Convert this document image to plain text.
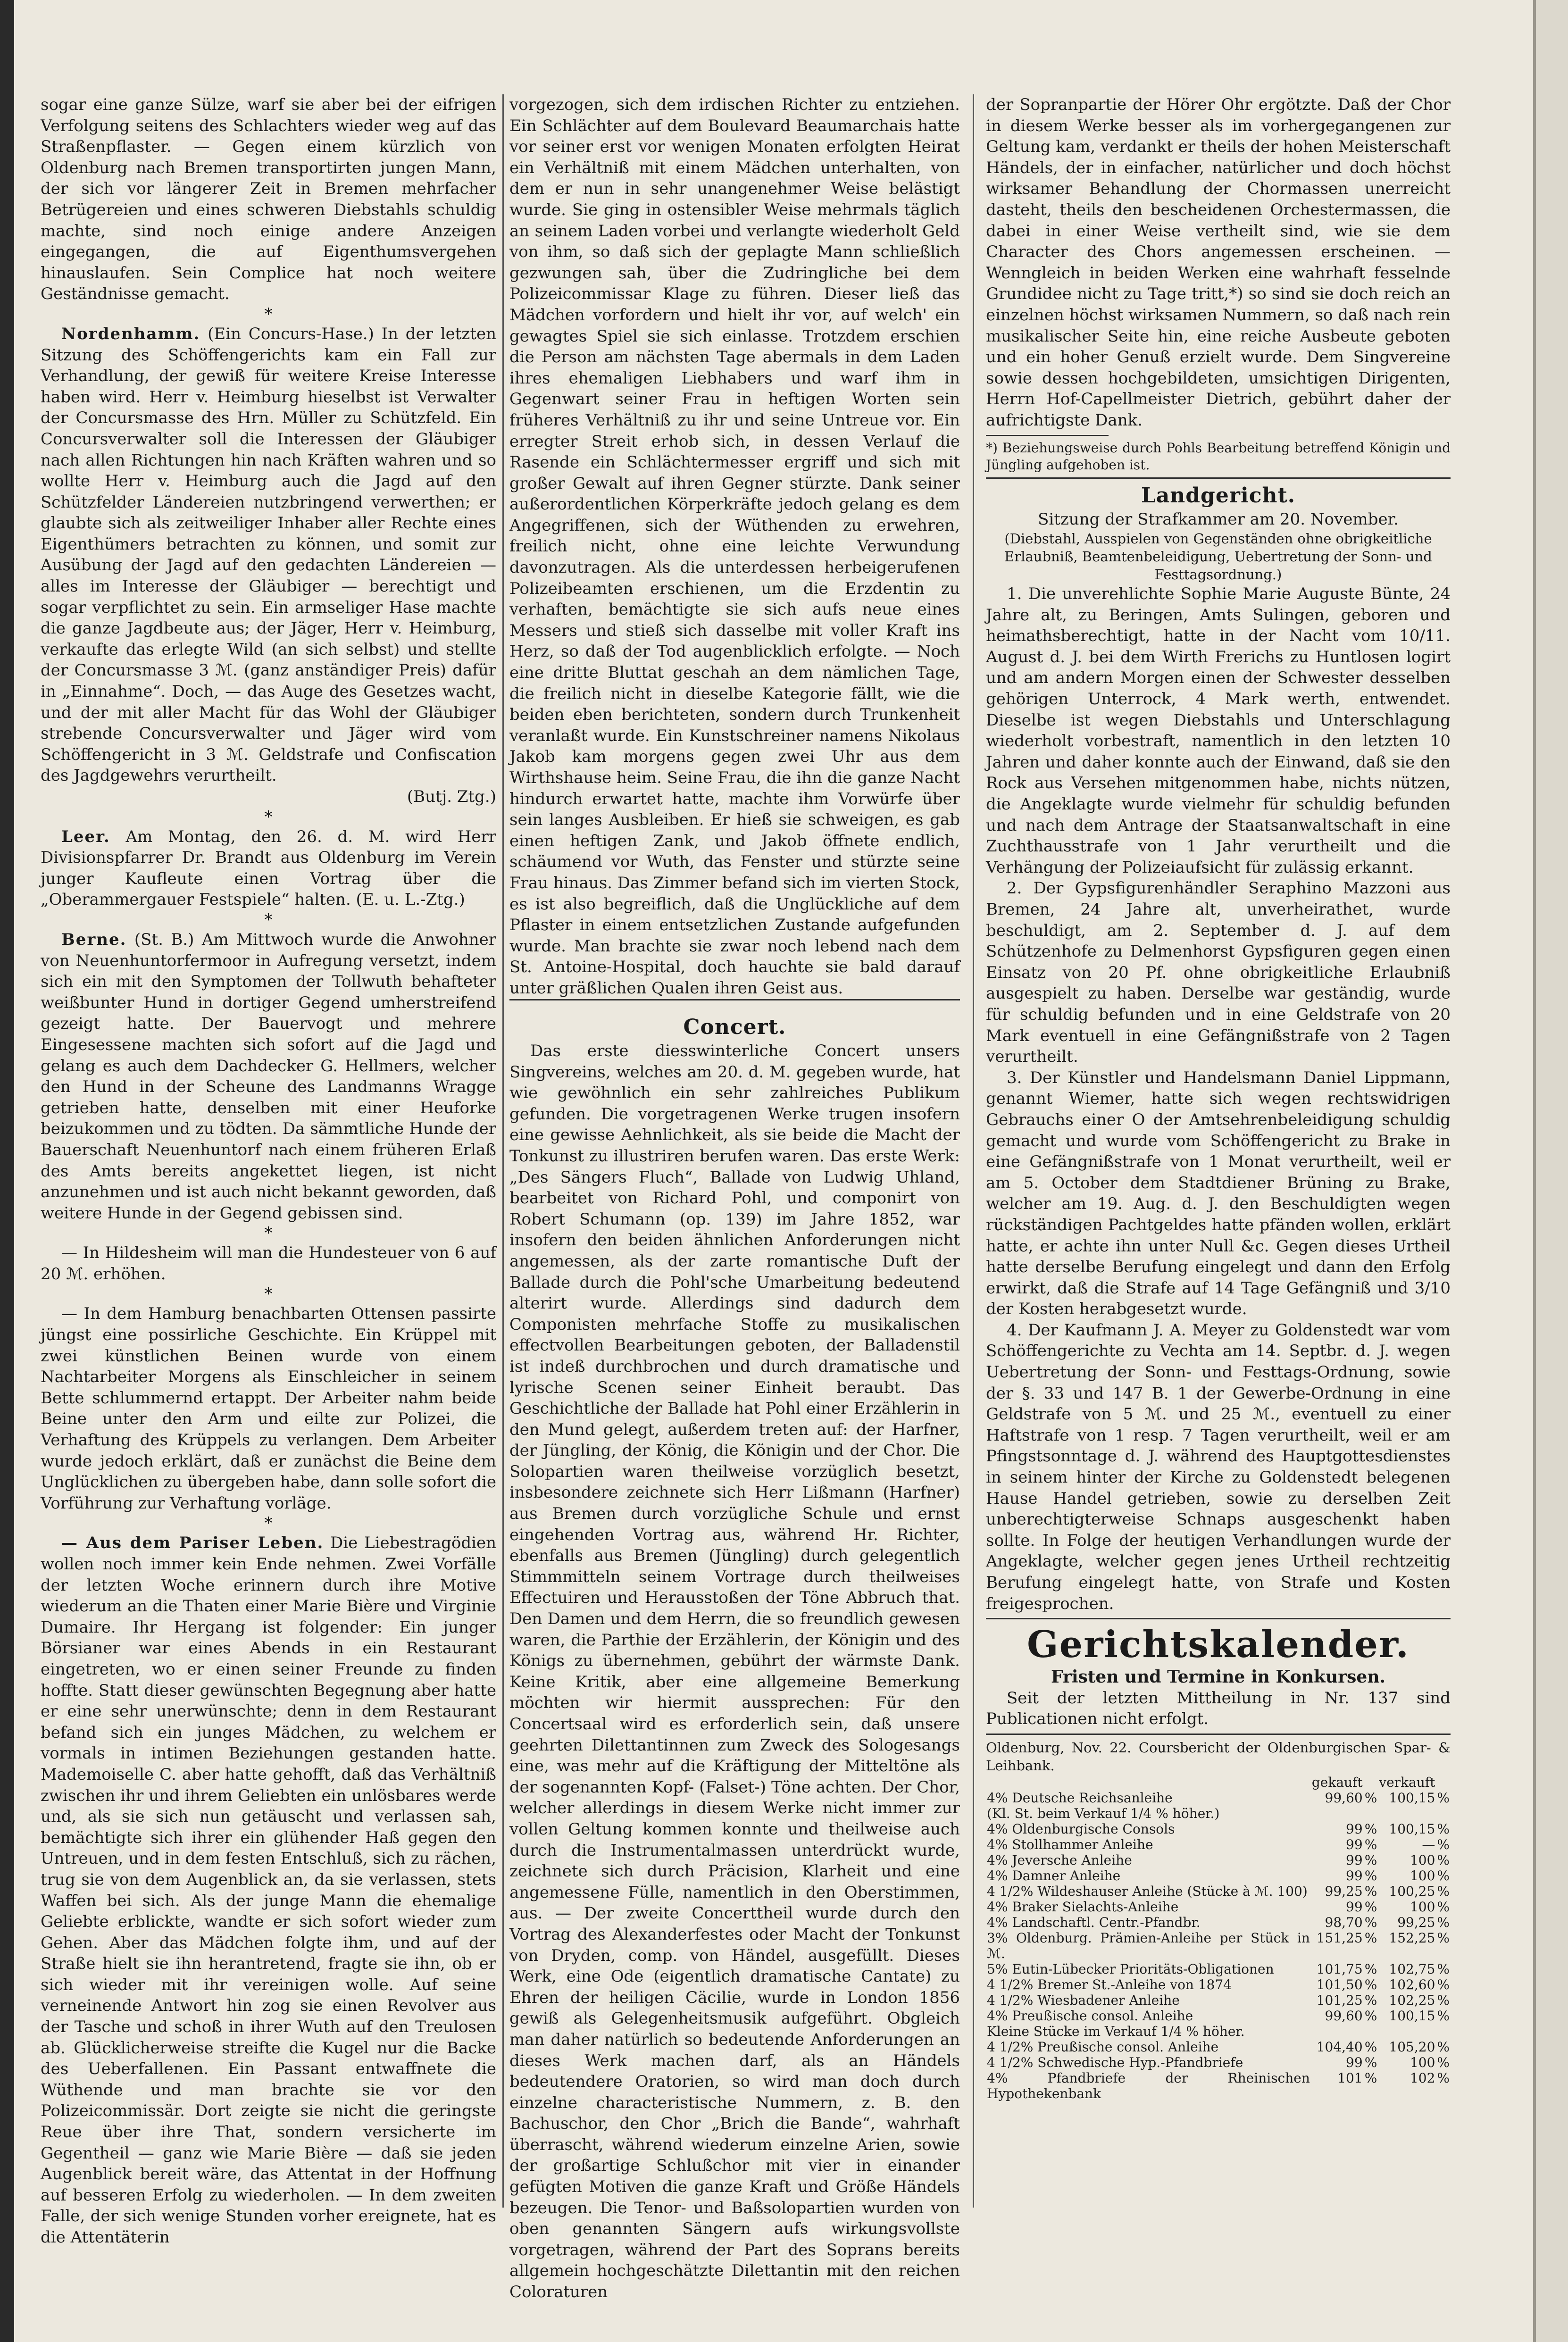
sogar eine ganze Sülze, warf sie aber bei der eifrigen Verfolgung seitens des Schlachters wieder weg auf das Straßenpflaster. — Gegen einem kürzlich von Oldenburg nach Bremen transportirten jungen Mann, der sich vor längerer Zeit in Bremen mehrfacher Betrügereien und eines schweren Diebstahls schuldig machte, sind noch einige andere Anzeigen eingegangen, die auf Eigenthumsvergehen hinauslaufen. Sein Complice hat noch weitere Geständnisse gemacht.

*

Nordenhamm. (Ein Concurs-Hase.) In der letzten Sitzung des Schöffengerichts kam ein Fall zur Verhandlung, der gewiß für weitere Kreise Interesse haben wird. Herr v. Heimburg hieselbst ist Verwalter der Concursmasse des Hrn. Müller zu Schützfeld. Ein Concursverwalter soll die Interessen der Gläubiger nach allen Richtungen hin nach Kräften wahren und so wollte Herr v. Heimburg auch die Jagd auf den Schützfelder Ländereien nutzbringend verwerthen; er glaubte sich als zeitweiliger Inhaber aller Rechte eines Eigenthümers betrachten zu können, und somit zur Ausübung der Jagd auf den gedachten Ländereien — alles im Interesse der Gläubiger — berechtigt und sogar verpflichtet zu sein. Ein armseliger Hase machte die ganze Jagdbeute aus; der Jäger, Herr v. Heimburg, verkaufte das erlegte Wild (an sich selbst) und stellte der Concursmasse 3 ℳ. (ganz anständiger Preis) dafür in „Einnahme“. Doch, — das Auge des Gesetzes wacht, und der mit aller Macht für das Wohl der Gläubiger strebende Concursverwalter und Jäger wird vom Schöffengericht in 3 ℳ. Geldstrafe und Confiscation des Jagdgewehrs verurtheilt.

(Butj. Ztg.)

*

Leer. Am Montag, den 26. d. M. wird Herr Divisionspfarrer Dr. Brandt aus Oldenburg im Verein junger Kaufleute einen Vortrag über die „Oberammergauer Festspiele“ halten. (E. u. L.-Ztg.)

*

Berne. (St. B.) Am Mittwoch wurde die Anwohner von Neuenhuntorfermoor in Aufregung versetzt, indem sich ein mit den Symptomen der Tollwuth behafteter weißbunter Hund in dortiger Gegend umherstreifend gezeigt hatte. Der Bauervogt und mehrere Eingesessene machten sich sofort auf die Jagd und gelang es auch dem Dachdecker G. Hellmers, welcher den Hund in der Scheune des Landmanns Wragge getrieben hatte, denselben mit einer Heuforke beizukommen und zu tödten. Da sämmtliche Hunde der Bauerschaft Neuenhuntorf nach einem früheren Erlaß des Amts bereits angekettet liegen, ist nicht anzunehmen und ist auch nicht bekannt geworden, daß weitere Hunde in der Gegend gebissen sind.

*

— In Hildesheim will man die Hundesteuer von 6 auf 20 ℳ. erhöhen.

*

— In dem Hamburg benachbarten Ottensen passirte jüngst eine possirliche Geschichte. Ein Krüppel mit zwei künstlichen Beinen wurde von einem Nachtarbeiter Morgens als Einschleicher in seinem Bette schlummernd ertappt. Der Arbeiter nahm beide Beine unter den Arm und eilte zur Polizei, die Verhaftung des Krüppels zu verlangen. Dem Arbeiter wurde jedoch erklärt, daß er zunächst die Beine dem Unglücklichen zu übergeben habe, dann solle sofort die Vorführung zur Verhaftung vorläge.

*

— Aus dem Pariser Leben. Die Liebestragödien wollen noch immer kein Ende nehmen. Zwei Vorfälle der letzten Woche erinnern durch ihre Motive wiederum an die Thaten einer Marie Bière und Virginie Dumaire. Ihr Hergang ist folgender: Ein junger Börsianer war eines Abends in ein Restaurant eingetreten, wo er einen seiner Freunde zu finden hoffte. Statt dieser gewünschten Begegnung aber hatte er eine sehr unerwünschte; denn in dem Restaurant befand sich ein junges Mädchen, zu welchem er vormals in intimen Beziehungen gestanden hatte. Mademoiselle C. aber hatte gehofft, daß das Verhältniß zwischen ihr und ihrem Geliebten ein unlösbares werde und, als sie sich nun getäuscht und verlassen sah, bemächtigte sich ihrer ein glühender Haß gegen den Untreuen, und in dem festen Entschluß, sich zu rächen, trug sie von dem Augenblick an, da sie verlassen, stets Waffen bei sich. Als der junge Mann die ehemalige Geliebte erblickte, wandte er sich sofort wieder zum Gehen. Aber das Mädchen folgte ihm, und auf der Straße hielt sie ihn herantretend, fragte sie ihn, ob er sich wieder mit ihr vereinigen wolle. Auf seine verneinende Antwort hin zog sie einen Revolver aus der Tasche und schoß in ihrer Wuth auf den Treulosen ab. Glücklicherweise streifte die Kugel nur die Backe des Ueberfallenen. Ein Passant entwaffnete die Wüthende und man brachte sie vor den Polizeicommissär. Dort zeigte sie nicht die geringste Reue über ihre That, sondern versicherte im Gegentheil — ganz wie Marie Bière — daß sie jeden Augenblick bereit wäre, das Attentat in der Hoffnung auf besseren Erfolg zu wiederholen. — In dem zweiten Falle, der sich wenige Stunden vorher ereignete, hat es die Attentäterin

vorgezogen, sich dem irdischen Richter zu entziehen. Ein Schlächter auf dem Boulevard Beaumarchais hatte vor seiner erst vor wenigen Monaten erfolgten Heirat ein Verhältniß mit einem Mädchen unterhalten, von dem er nun in sehr unangenehmer Weise belästigt wurde. Sie ging in ostensibler Weise mehrmals täglich an seinem Laden vorbei und verlangte wiederholt Geld von ihm, so daß sich der geplagte Mann schließlich gezwungen sah, über die Zudringliche bei dem Polizeicommissar Klage zu führen. Dieser ließ das Mädchen vorfordern und hielt ihr vor, auf welch' ein gewagtes Spiel sie sich einlasse. Trotzdem erschien die Person am nächsten Tage abermals in dem Laden ihres ehemaligen Liebhabers und warf ihm in Gegenwart seiner Frau in heftigen Worten sein früheres Verhältniß zu ihr und seine Untreue vor. Ein erregter Streit erhob sich, in dessen Verlauf die Rasende ein Schlächtermesser ergriff und sich mit großer Gewalt auf ihren Gegner stürzte. Dank seiner außerordentlichen Körperkräfte jedoch gelang es dem Angegriffenen, sich der Wüthenden zu erwehren, freilich nicht, ohne eine leichte Verwundung davonzutragen. Als die unterdessen herbeigerufenen Polizeibeamten erschienen, um die Erzdentin zu verhaften, bemächtigte sie sich aufs neue eines Messers und stieß sich dasselbe mit voller Kraft ins Herz, so daß der Tod augenblicklich erfolgte. — Noch eine dritte Bluttat geschah an dem nämlichen Tage, die freilich nicht in dieselbe Kategorie fällt, wie die beiden eben berichteten, sondern durch Trunkenheit veranlaßt wurde. Ein Kunstschreiner namens Nikolaus Jakob kam morgens gegen zwei Uhr aus dem Wirthshause heim. Seine Frau, die ihn die ganze Nacht hindurch erwartet hatte, machte ihm Vorwürfe über sein langes Ausbleiben. Er hieß sie schweigen, es gab einen heftigen Zank, und Jakob öffnete endlich, schäumend vor Wuth, das Fenster und stürzte seine Frau hinaus. Das Zimmer befand sich im vierten Stock, es ist also begreiflich, daß die Unglückliche auf dem Pflaster in einem entsetzlichen Zustande aufgefunden wurde. Man brachte sie zwar noch lebend nach dem St. Antoine-Hospital, doch hauchte sie bald darauf unter gräßlichen Qualen ihren Geist aus.

Concert.

Das erste diesswinterliche Concert unsers Singvereins, welches am 20. d. M. gegeben wurde, hat wie gewöhnlich ein sehr zahlreiches Publikum gefunden. Die vorgetragenen Werke trugen insofern eine gewisse Aehnlichkeit, als sie beide die Macht der Tonkunst zu illustriren berufen waren. Das erste Werk: „Des Sängers Fluch“, Ballade von Ludwig Uhland, bearbeitet von Richard Pohl, und componirt von Robert Schumann (op. 139) im Jahre 1852, war insofern den beiden ähnlichen Anforderungen nicht angemessen, als der zarte romantische Duft der Ballade durch die Pohl'sche Umarbeitung bedeutend alterirt wurde. Allerdings sind dadurch dem Componisten mehrfache Stoffe zu musikalischen effectvollen Bearbeitungen geboten, der Balladenstil ist indeß durchbrochen und durch dramatische und lyrische Scenen seiner Einheit beraubt. Das Geschichtliche der Ballade hat Pohl einer Erzählerin in den Mund gelegt, außerdem treten auf: der Harfner, der Jüngling, der König, die Königin und der Chor. Die Solopartien waren theilweise vorzüglich besetzt, insbesondere zeichnete sich Herr Lißmann (Harfner) aus Bremen durch vorzügliche Schule und ernst eingehenden Vortrag aus, während Hr. Richter, ebenfalls aus Bremen (Jüngling) durch gelegentlich Stimmmitteln seinem Vortrage durch theilweises Effectuiren und Herausstoßen der Töne Abbruch that. Den Damen und dem Herrn, die so freundlich gewesen waren, die Parthie der Erzählerin, der Königin und des Königs zu übernehmen, gebührt der wärmste Dank. Keine Kritik, aber eine allgemeine Bemerkung möchten wir hiermit aussprechen: Für den Concertsaal wird es erforderlich sein, daß unsere geehrten Dilettantinnen zum Zweck des Sologesangs eine, was mehr auf die Kräftigung der Mitteltöne als der sogenannten Kopf- (Falset-) Töne achten. Der Chor, welcher allerdings in diesem Werke nicht immer zur vollen Geltung kommen konnte und theilweise auch durch die Instrumentalmassen unterdrückt wurde, zeichnete sich durch Präcision, Klarheit und eine angemessene Fülle, namentlich in den Oberstimmen, aus. — Der zweite Concerttheil wurde durch den Vortrag des Alexanderfestes oder Macht der Tonkunst von Dryden, comp. von Händel, ausgefüllt. Dieses Werk, eine Ode (eigentlich dramatische Cantate) zu Ehren der heiligen Cäcilie, wurde in London 1856 gewiß als Gelegenheitsmusik aufgeführt. Obgleich man daher natürlich so bedeutende Anforderungen an dieses Werk machen darf, als an Händels bedeutendere Oratorien, so wird man doch durch einzelne characteristische Nummern, z. B. den Bachuschor, den Chor „Brich die Bande“, wahrhaft überrascht, während wiederum einzelne Arien, sowie der großartige Schlußchor mit vier in einander gefügten Motiven die ganze Kraft und Größe Händels bezeugen. Die Tenor- und Baßsolopartien wurden von oben genannten Sängern aufs wirkungsvollste vorgetragen, während der Part des Soprans bereits allgemein hochgeschätzte Dilettantin mit den reichen Coloraturen

der Sopranpartie der Hörer Ohr ergötzte. Daß der Chor in diesem Werke besser als im vorhergegangenen zur Geltung kam, verdankt er theils der hohen Meisterschaft Händels, der in einfacher, natürlicher und doch höchst wirksamer Behandlung der Chormassen unerreicht dasteht, theils den bescheidenen Orchestermassen, die dabei in einer Weise vertheilt sind, wie sie dem Character des Chors angemessen erscheinen. — Wenngleich in beiden Werken eine wahrhaft fesselnde Grundidee nicht zu Tage tritt,*) so sind sie doch reich an einzelnen höchst wirksamen Nummern, so daß nach rein musikalischer Seite hin, eine reiche Ausbeute geboten und ein hoher Genuß erzielt wurde. Dem Singvereine sowie dessen hochgebildeten, umsichtigen Dirigenten, Herrn Hof-Capellmeister Dietrich, gebührt daher der aufrichtigste Dank.

*) Beziehungsweise durch Pohls Bearbeitung betreffend Königin und Jüngling aufgehoben ist.

Landgericht.

Sitzung der Strafkammer am 20. November.

(Diebstahl, Ausspielen von Gegenständen ohne obrigkeitliche Erlaubniß, Beamtenbeleidigung, Uebertretung der Sonn- und Festtagsordnung.)

1. Die unverehlichte Sophie Marie Auguste Bünte, 24 Jahre alt, zu Beringen, Amts Sulingen, geboren und heimathsberechtigt, hatte in der Nacht vom 10/11. August d. J. bei dem Wirth Frerichs zu Huntlosen logirt und am andern Morgen einen der Schwester desselben gehörigen Unterrock, 4 Mark werth, entwendet. Dieselbe ist wegen Diebstahls und Unterschlagung wiederholt vorbestraft, namentlich in den letzten 10 Jahren und daher konnte auch der Einwand, daß sie den Rock aus Versehen mitgenommen habe, nichts nützen, die Angeklagte wurde vielmehr für schuldig befunden und nach dem Antrage der Staatsanwaltschaft in eine Zuchthausstrafe von 1 Jahr verurtheilt und die Verhängung der Polizeiaufsicht für zulässig erkannt.

2. Der Gypsfigurenhändler Seraphino Mazzoni aus Bremen, 24 Jahre alt, unverheirathet, wurde beschuldigt, am 2. September d. J. auf dem Schützenhofe zu Delmenhorst Gypsfiguren gegen einen Einsatz von 20 Pf. ohne obrigkeitliche Erlaubniß ausgespielt zu haben. Derselbe war geständig, wurde für schuldig befunden und in eine Geldstrafe von 20 Mark eventuell in eine Gefängnißstrafe von 2 Tagen verurtheilt.

3. Der Künstler und Handelsmann Daniel Lippmann, genannt Wiemer, hatte sich wegen rechtswidrigen Gebrauchs einer O der Amtsehrenbeleidigung schuldig gemacht und wurde vom Schöffengericht zu Brake in eine Gefängnißstrafe von 1 Monat verurtheilt, weil er am 5. October dem Stadtdiener Brüning zu Brake, welcher am 19. Aug. d. J. den Beschuldigten wegen rückständigen Pachtgeldes hatte pfänden wollen, erklärt hatte, er achte ihn unter Null &c. Gegen dieses Urtheil hatte derselbe Berufung eingelegt und dann den Erfolg erwirkt, daß die Strafe auf 14 Tage Gefängniß und 3/10 der Kosten herabgesetzt wurde.

4. Der Kaufmann J. A. Meyer zu Goldenstedt war vom Schöffengerichte zu Vechta am 14. Septbr. d. J. wegen Uebertretung der Sonn- und Festtags-Ordnung, sowie der §. 33 und 147 B. 1 der Gewerbe-Ordnung in eine Geldstrafe von 5 ℳ. und 25 ℳ., eventuell zu einer Haftstrafe von 1 resp. 7 Tagen verurtheilt, weil er am Pfingstsonntage d. J. während des Hauptgottesdienstes in seinem hinter der Kirche zu Goldenstedt belegenen Hause Handel getrieben, sowie zu derselben Zeit unberechtigterweise Schnaps ausgeschenkt haben sollte. In Folge der heutigen Verhandlungen wurde der Angeklagte, welcher gegen jenes Urtheil rechtzeitig Berufung eingelegt hatte, von Strafe und Kosten freigesprochen.

Gerichtskalender.

Fristen und Termine in Konkursen.

Seit der letzten Mittheilung in Nr. 137 sind Publicationen nicht erfolgt.

Oldenburg, Nov. 22. Coursbericht der Oldenburgischen Spar- & Leihbank.

	gekauft		verkauft	
4% Deutsche Reichsanleihe	99,60	%	100,15	%
(Kl. St. beim Verkauf 1/4 % höher.)				
4% Oldenburgische Consols	99	%	100,15	%
4% Stollhammer Anleihe	99	%	—	%
4% Jeversche Anleihe	99	%	100	%
4% Damner Anleihe	99	%	100	%
4 1/2% Wildeshauser Anleihe (Stücke à ℳ. 100)	99,25	%	100,25	%
4% Braker Sielachts-Anleihe	99	%	100	%
4% Landschaftl. Centr.-Pfandbr.	98,70	%	99,25	%
3% Oldenburg. Prämien-Anleihe per Stück in ℳ.	151,25	%	152,25	%
5% Eutin-Lübecker Prioritäts-Obligationen	101,75	%	102,75	%
4 1/2% Bremer St.-Anleihe von 1874	101,50	%	102,60	%
4 1/2% Wiesbadener Anleihe	101,25	%	102,25	%
4% Preußische consol. Anleihe	99,60	%	100,15	%
Kleine Stücke im Verkauf 1/4 % höher.				
4 1/2% Preußische consol. Anleihe	104,40	%	105,20	%
4 1/2% Schwedische Hyp.-Pfandbriefe	99	%	100	%
4% Pfandbriefe der Rheinischen Hypothekenbank	101	%	102	%
